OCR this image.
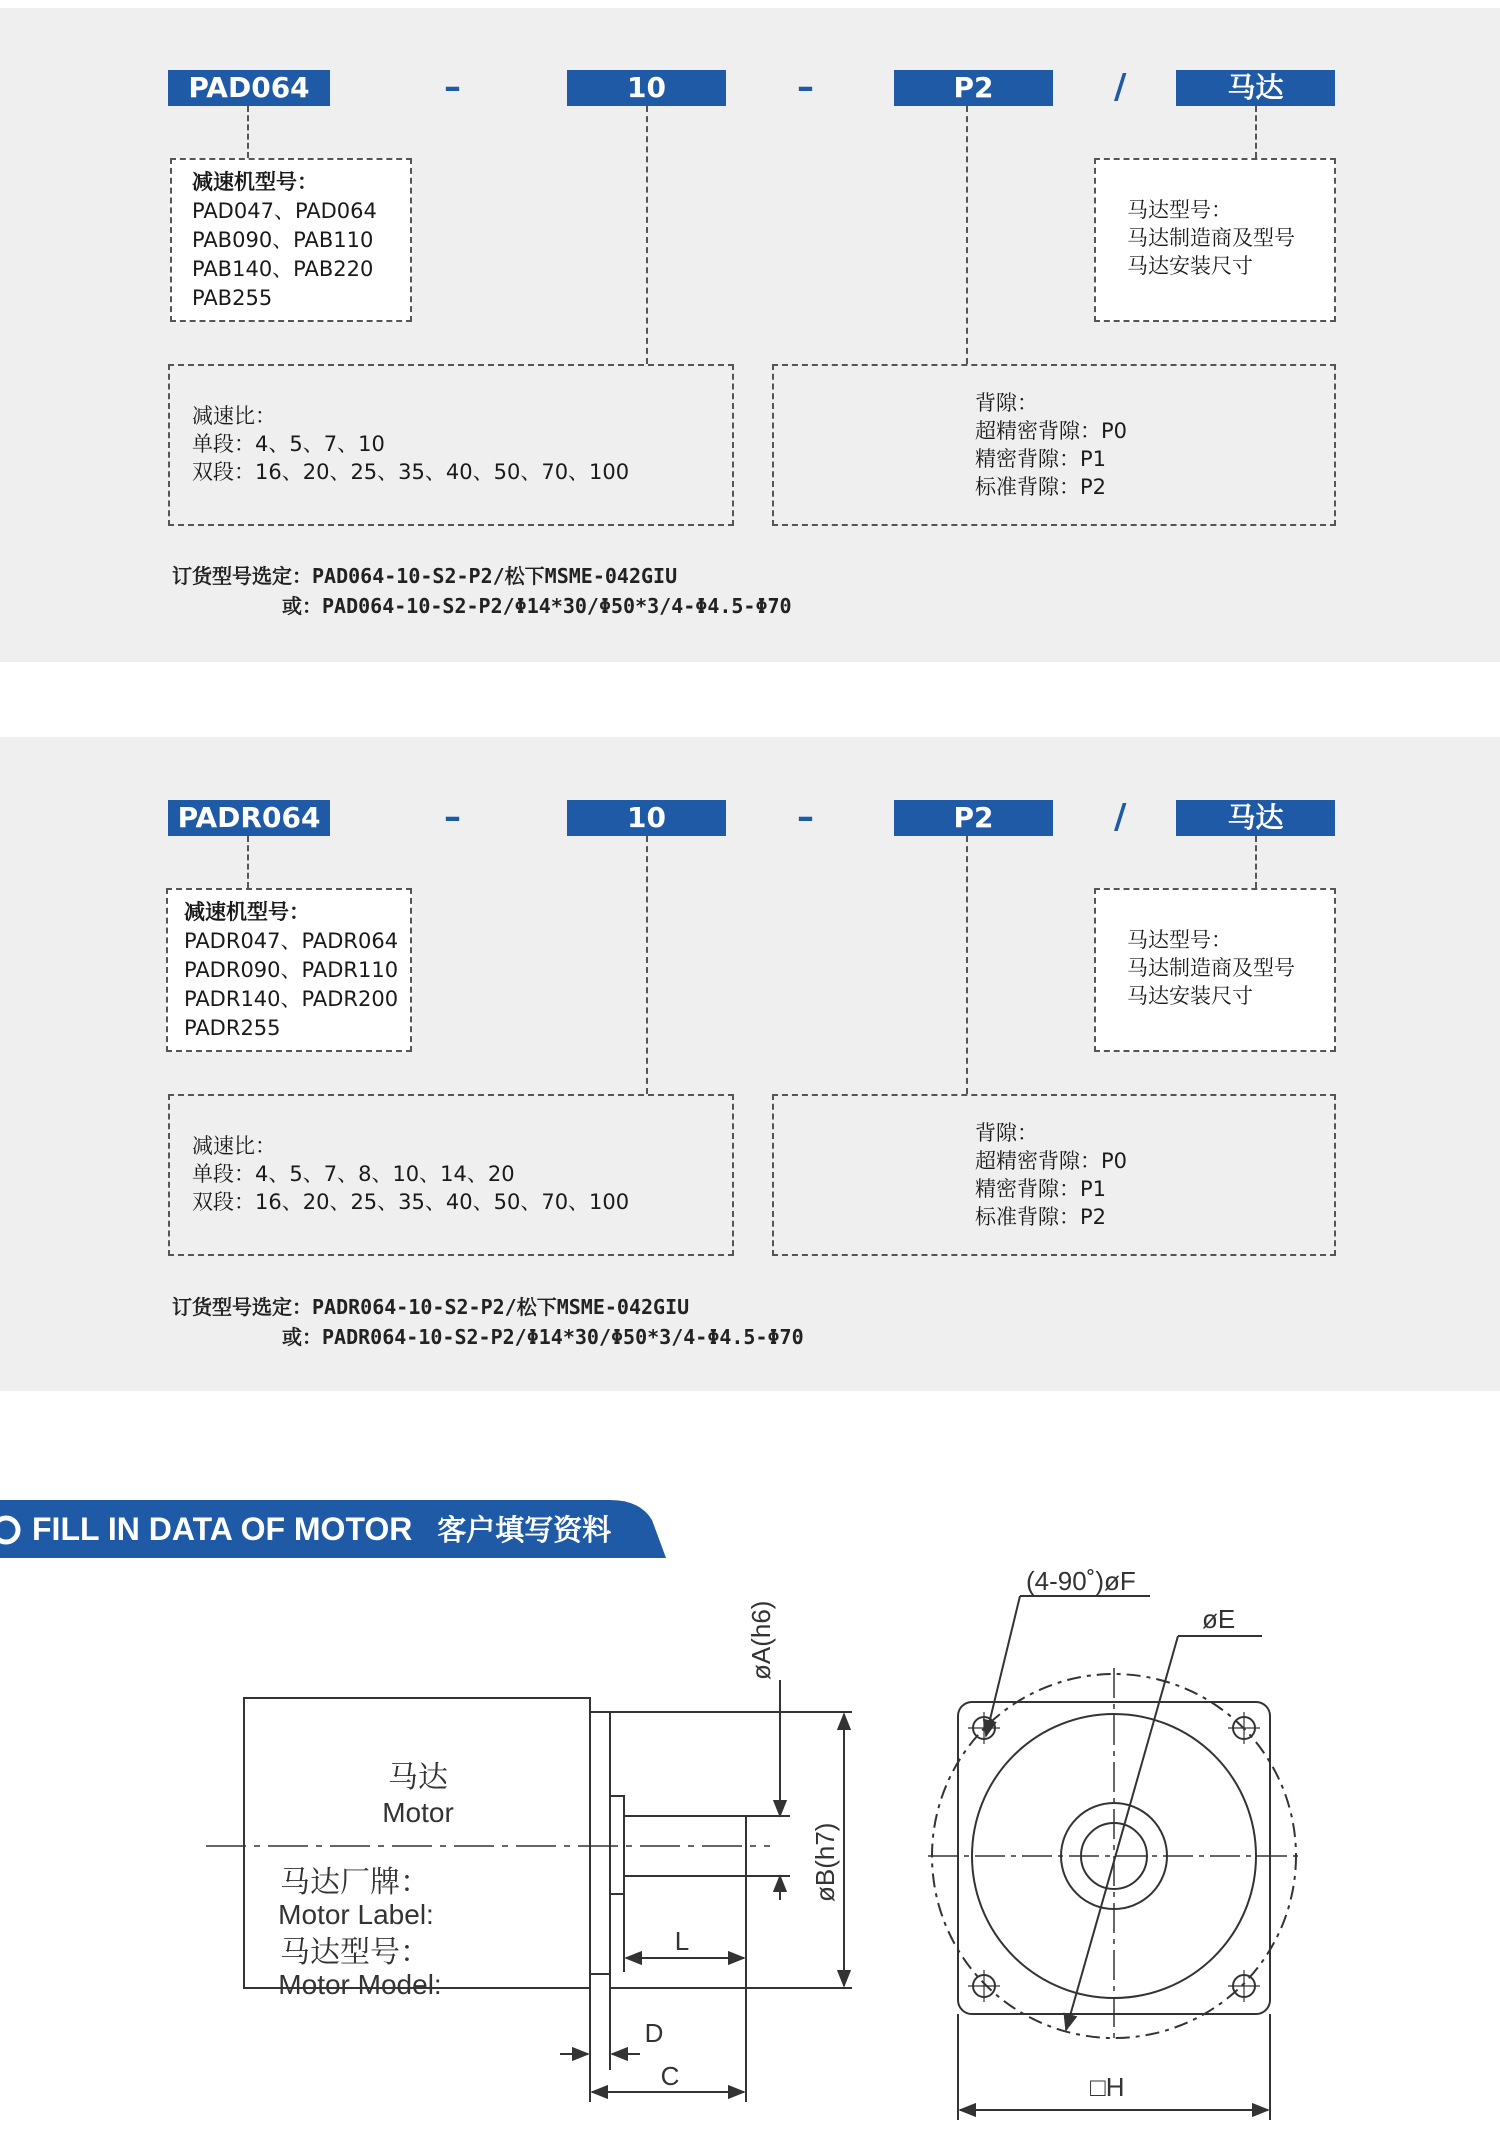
PAD064	–	10	–	P2	/	马达
减速机型号：
PAD047、PAD064
PAB090、PAB110
PAB140、PAB220
PAB255
马达型号：
马达制造商及型号
马达安装尺寸
减速比：
单段：4、5、7、10
双段：16、20、25、35、40、50、70、100
背隙：
超精密背隙：P0
精密背隙：P1
标准背隙：P2
订货型号选定：PAD064-10-S2-P2/松下MSME-042GIU
或：PAD064-10-S2-P2/Φ14*30/Φ50*3/4-Φ4.5-Φ70
PADR064	–	10	–	P2	/	马达
减速机型号：
PADR047、PADR064
PADR090、PADR110
PADR140、PADR200
PADR255
马达型号：
马达制造商及型号
马达安装尺寸
减速比：
单段：4、5、7、8、10、14、20
双段：16、20、25、35、40、50、70、100
背隙：
超精密背隙：P0
精密背隙：P1
标准背隙：P2
订货型号选定：PADR064-10-S2-P2/松下MSME-042GIU
或：PADR064-10-S2-P2/Φ14*30/Φ50*3/4-Φ4.5-Φ70
FILL IN DATA OF MOTOR 客户填写资料
马达
Motor
马达厂牌：
Motor Label:
马达型号：
Motor Model:
øA(h6)
øB(h7)
L
D
C
(4-90˚)øF
øE
□H
